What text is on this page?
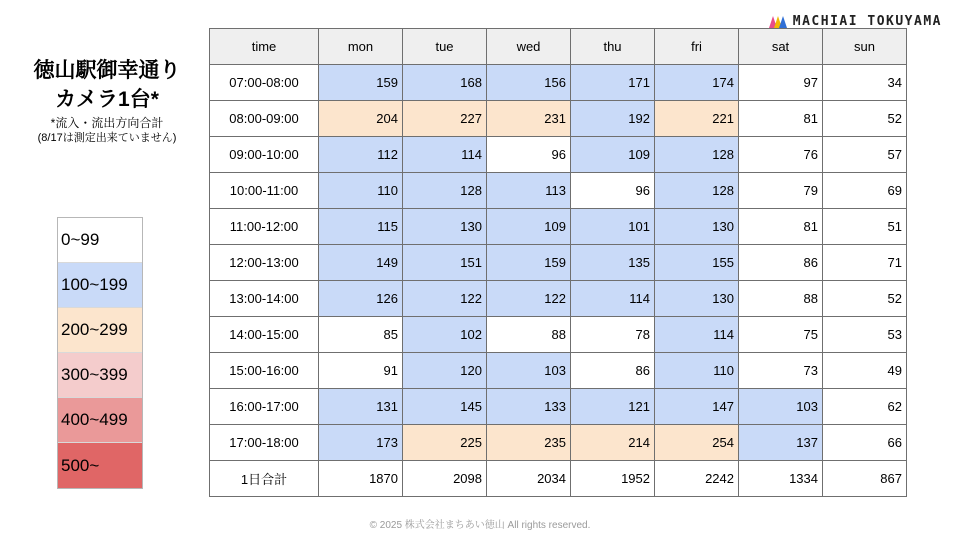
MACHIAI TOKUYAMA
徳山駅御幸通り
カメラ1台*
*流入・流出方向合計
(8/17は測定出来ていません)
0~99
100~199
200~299
300~399
400~499
500~
time	mon	tue	wed	thu	fri	sat	sun
07:00-08:00	159	168	156	171	174	97	34
08:00-09:00	204	227	231	192	221	81	52
09:00-10:00	112	114	96	109	128	76	57
10:00-11:00	110	128	113	96	128	79	69
11:00-12:00	115	130	109	101	130	81	51
12:00-13:00	149	151	159	135	155	86	71
13:00-14:00	126	122	122	114	130	88	52
14:00-15:00	85	102	88	78	114	75	53
15:00-16:00	91	120	103	86	110	73	49
16:00-17:00	131	145	133	121	147	103	62
17:00-18:00	173	225	235	214	254	137	66
1日合計	1870	2098	2034	1952	2242	1334	867
© 2025 株式会社まちあい徳山 All rights reserved.
